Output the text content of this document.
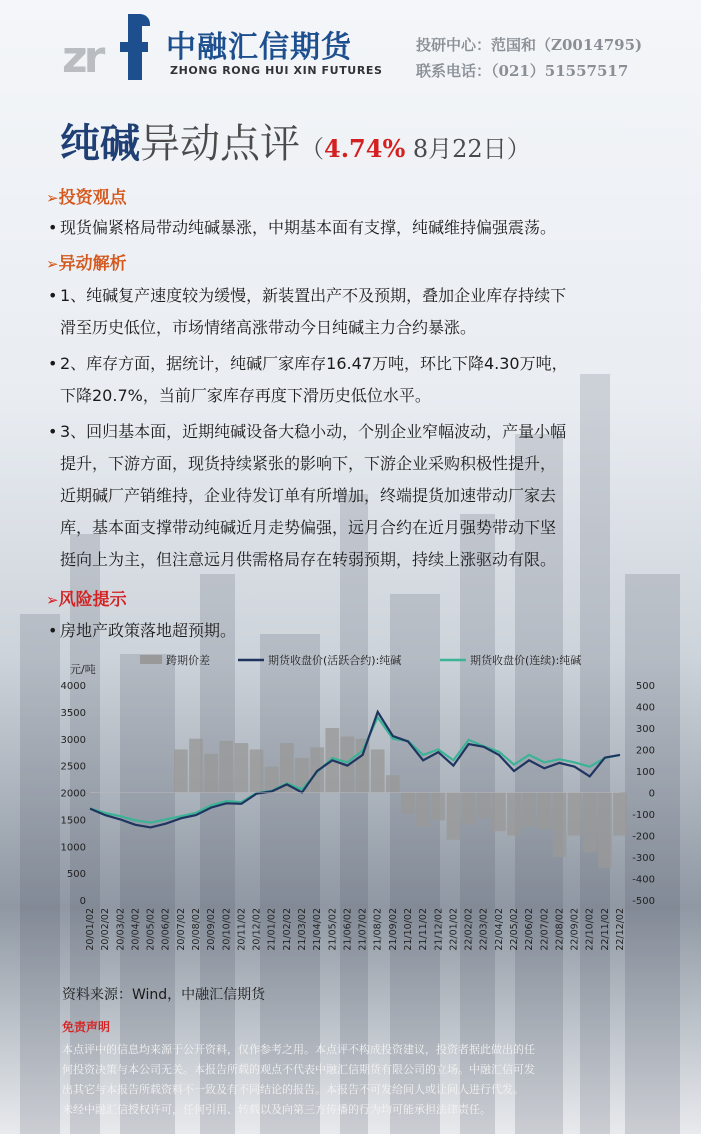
zr 中融汇信期货
ZHONG RONG HUI XIN FUTURES
投研中心：范国和（Z0014795)
联系电话：（021）51557517
纯碱异动点评（4.74% 8月22日）
➢投资观点
• 现货偏紧格局带动纯碱暴涨，中期基本面有支撑，纯碱维持偏强震荡。
➢异动解析
• 1、纯碱复产速度较为缓慢，新装置出产不及预期，叠加企业库存持续下
滑至历史低位，市场情绪高涨带动今日纯碱主力合约暴涨。
• 2、库存方面，据统计，纯碱厂家库存16.47万吨，环比下降4.30万吨，
下降20.7%，当前厂家库存再度下滑历史低位水平。
• 3、回归基本面，近期纯碱设备大稳小动，个别企业窄幅波动，产量小幅
提升，下游方面，现货持续紧张的影响下，下游企业采购积极性提升，
近期碱厂产销维持，企业待发订单有所增加，终端提货加速带动厂家去
库，基本面支撑带动纯碱近月走势偏强，远月合约在近月强势带动下坚
挺向上为主，但注意远月供需格局存在转弱预期，持续上涨驱动有限。
➢风险提示
• 房地产政策落地超预期。
跨期价差	期货收盘价(活跃合约):纯碱	期货收盘价(连续):纯碱
元/吨
0
500
1000
1500
2000
2500
3000
3500
4000
-500
-400
-300
-200
-100
0
100
200
300
400
500
20/01/02 20/02/02 20/03/02 20/04/02 20/05/02 20/06/02 20/07/02 20/08/02 20/09/02 20/10/02 20/11/02 20/12/02 21/01/02 21/02/02 21/03/02 21/04/02 21/05/02 21/06/02 21/07/02 21/08/02 21/09/02 21/10/02 21/11/02 21/12/02 22/01/02 22/02/02 22/03/02 22/04/02 22/05/02 22/06/02 22/07/02 22/08/02 22/09/02 22/10/02 22/11/02 22/12/02
资料来源：Wind，中融汇信期货
免责声明
本点评中的信息均来源于公开资料，仅作参考之用。本点评不构成投资建议，投资者据此做出的任
何投资决策与本公司无关。本报告所载的观点不代表中融汇信期货有限公司的立场。中融汇信可发
出其它与本报告所载资料不一致及有不同结论的报告。本报告不可发给间人或让间人进行代发。
未经中融汇信授权许可，任何引用、转载以及向第三方传播的行为均可能承担法律责任。
